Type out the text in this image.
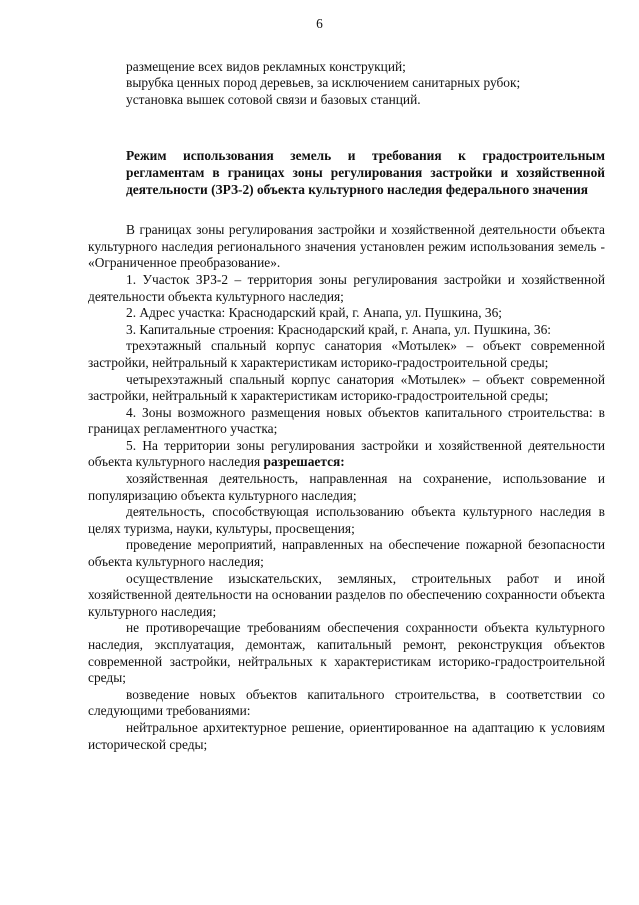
6

размещение всех видов рекламных конструкций;

вырубка ценных пород деревьев, за исключением санитарных рубок;

установка вышек сотовой связи и базовых станций.

Режим использования земель и требования к градостроительным регламентам в границах зоны регулирования застройки и хозяйственной деятельности (ЗРЗ-2) объекта культурного наследия федерального значения

В границах зоны регулирования застройки и хозяйственной деятельности объекта культурного наследия регионального значения установлен режим использования земель - «Ограниченное преобразование».

1. Участок ЗРЗ-2 – территория зоны регулирования застройки и хозяйственной деятельности объекта культурного наследия;

2. Адрес участка: Краснодарский край, г. Анапа, ул. Пушкина, 36;

3. Капитальные строения: Краснодарский край, г. Анапа, ул. Пушкина, 36:

трехэтажный спальный корпус санатория «Мотылек» – объект современной застройки, нейтральный к характеристикам историко-градостроительной среды;

четырехэтажный спальный корпус санатория «Мотылек» – объект современной застройки, нейтральный к характеристикам историко-градостроительной среды;

4. Зоны возможного размещения новых объектов капитального строительства: в границах регламентного участка;

5. На территории зоны регулирования застройки и хозяйственной деятельности объекта культурного наследия разрешается:

хозяйственная деятельность, направленная на сохранение, использование и популяризацию объекта культурного наследия;

деятельность, способствующая использованию объекта культурного наследия в целях туризма, науки, культуры, просвещения;

проведение мероприятий, направленных на обеспечение пожарной безопасности объекта культурного наследия;

осуществление изыскательских, земляных, строительных работ и иной хозяйственной деятельности на основании разделов по обеспечению сохранности объекта культурного наследия;

не противоречащие требованиям обеспечения сохранности объекта культурного наследия, эксплуатация, демонтаж, капитальный ремонт, реконструкция объектов современной застройки, нейтральных к характеристикам историко-градостроительной среды;

возведение новых объектов капитального строительства, в соответствии со следующими требованиями:

нейтральное архитектурное решение, ориентированное на адаптацию к условиям исторической среды;
